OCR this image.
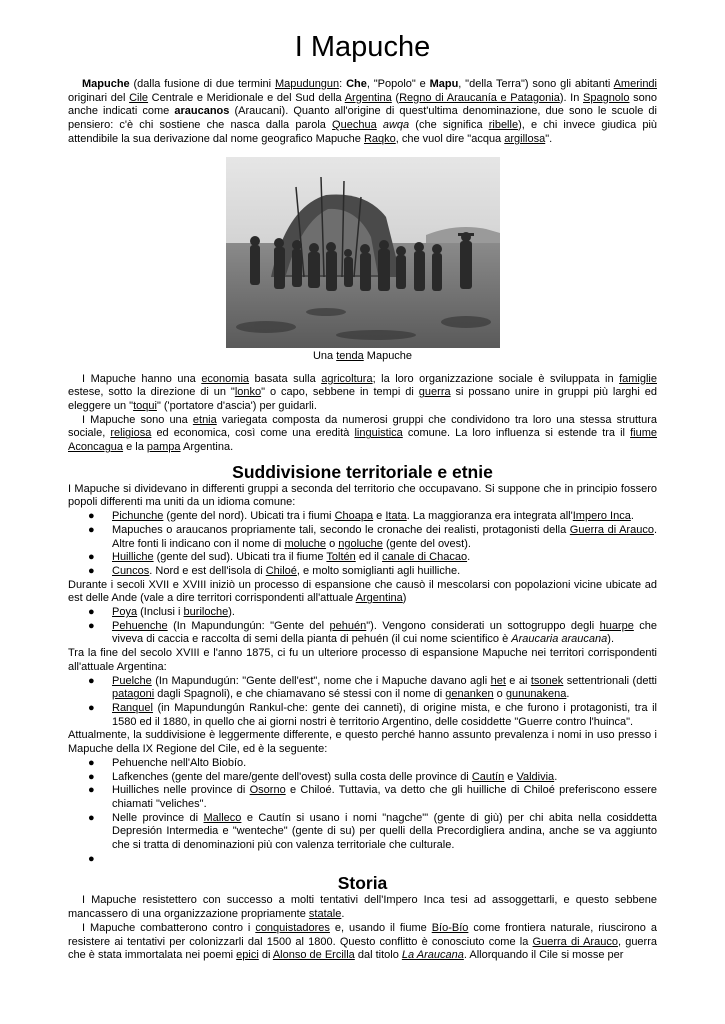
I Mapuche

Mapuche (dalla fusione di due termini Mapudungun: Che, "Popolo" e Mapu, "della Terra") sono gli abitanti Amerindi originari del Cile Centrale e Meridionale e del Sud della Argentina (Regno di Araucanía e Patagonia). In Spagnolo sono anche indicati come araucanos (Araucani). Quanto all'origine di quest'ultima denominazione, due sono le scuole di pensiero: c'è chi sostiene che nasca dalla parola Quechua awqa (che significa ribelle), e chi invece giudica più attendibile la sua derivazione dal nome geografico Mapuche Raqko, che vuol dire "acqua argillosa".

Una tenda Mapuche

I Mapuche hanno una economia basata sulla agricoltura; la loro organizzazione sociale è sviluppata in famiglie estese, sotto la direzione di un "lonko" o capo, sebbene in tempi di guerra si possano unire in gruppi più larghi ed eleggere un "toqui" ('portatore d'ascia') per guidarli.

I Mapuche sono una etnia variegata composta da numerosi gruppi che condividono tra loro una stessa struttura sociale, religiosa ed economica, così come una eredità linguistica comune. La loro influenza si estende tra il fiume Aconcagua e la pampa Argentina.

Suddivisione territoriale e etnie

I Mapuche si dividevano in differenti gruppi a seconda del territorio che occupavano. Si suppone che in principio fossero popoli differenti ma uniti da un idioma comune:

● Pichunche (gente del nord). Ubicati tra i fiumi Choapa e Itata. La maggioranza era integrata all'Impero Inca.
● Mapuches o araucanos propriamente tali, secondo le cronache dei realisti, protagonisti della Guerra di Arauco. Altre fonti li indicano con il nome di moluche o ngoluche (gente del ovest).
● Huilliche (gente del sud). Ubicati tra il fiume Toltén ed il canale di Chacao.
● Cuncos. Nord e est dell'isola di Chiloé, e molto somiglianti agli huilliche.

Durante i secoli XVII e XVIII iniziò un processo di espansione che causò il mescolarsi con popolazioni vicine ubicate ad est delle Ande (vale a dire territori corrispondenti all'attuale Argentina)

● Poya (Inclusi i buriloche).
● Pehuenche (In Mapundungún: "Gente del pehuén"). Vengono considerati un sottogruppo degli huarpe che viveva di caccia e raccolta di semi della pianta di pehuén (il cui nome scientifico è Araucaria araucana).

Tra la fine del secolo XVIII e l'anno 1875, ci fu un ulteriore processo di espansione Mapuche nei territori corrispondenti all'attuale Argentina:

● Puelche (In Mapundugún: "Gente dell'est", nome che i Mapuche davano agli het e ai tsonek settentrionali (detti patagoni dagli Spagnoli), e che chiamavano sé stessi con il nome di genanken o gununakena.
● Ranquel (in Mapundungún Rankul-che: gente dei canneti), di origine mista, e che furono i protagonisti, tra il 1580 ed il 1880, in quello che ai giorni nostri è territorio Argentino, delle cosiddette "Guerre contro l'huinca".

Attualmente, la suddivisione è leggermente differente, e questo perché hanno assunto prevalenza i nomi in uso presso i Mapuche della IX Regione del Cile, ed è la seguente:

● Pehuenche nell'Alto Biobío.
● Lafkenches (gente del mare/gente dell'ovest) sulla costa delle province di Cautín e Valdivia.
● Huilliches nelle province di Osorno e Chiloé. Tuttavia, va detto che gli huilliche di Chiloé preferiscono essere chiamati "veliches".
● Nelle province di Malleco e Cautín si usano i nomi "nagche"' (gente di giù) per chi abita nella cosiddetta Depresión Intermedia e "wenteche" (gente di su) per quelli della Precordigliera andina, anche se va aggiunto che si tratta di denominazioni più con valenza territoriale che culturale.
●
Storia

I Mapuche resistettero con successo a molti tentativi dell'Impero Inca tesi ad assoggettarli, e questo sebbene mancassero di una organizzazione propriamente statale.

I Mapuche combatterono contro i conquistadores e, usando il fiume Bío-Bío come frontiera naturale, riuscirono a resistere ai tentativi per colonizzarli dal 1500 al 1800. Questo conflitto è conosciuto come la Guerra di Arauco, guerra che è stata immortalata nei poemi epici di Alonso de Ercilla dal titolo La Araucana. Allorquando il Cile si mosse per
